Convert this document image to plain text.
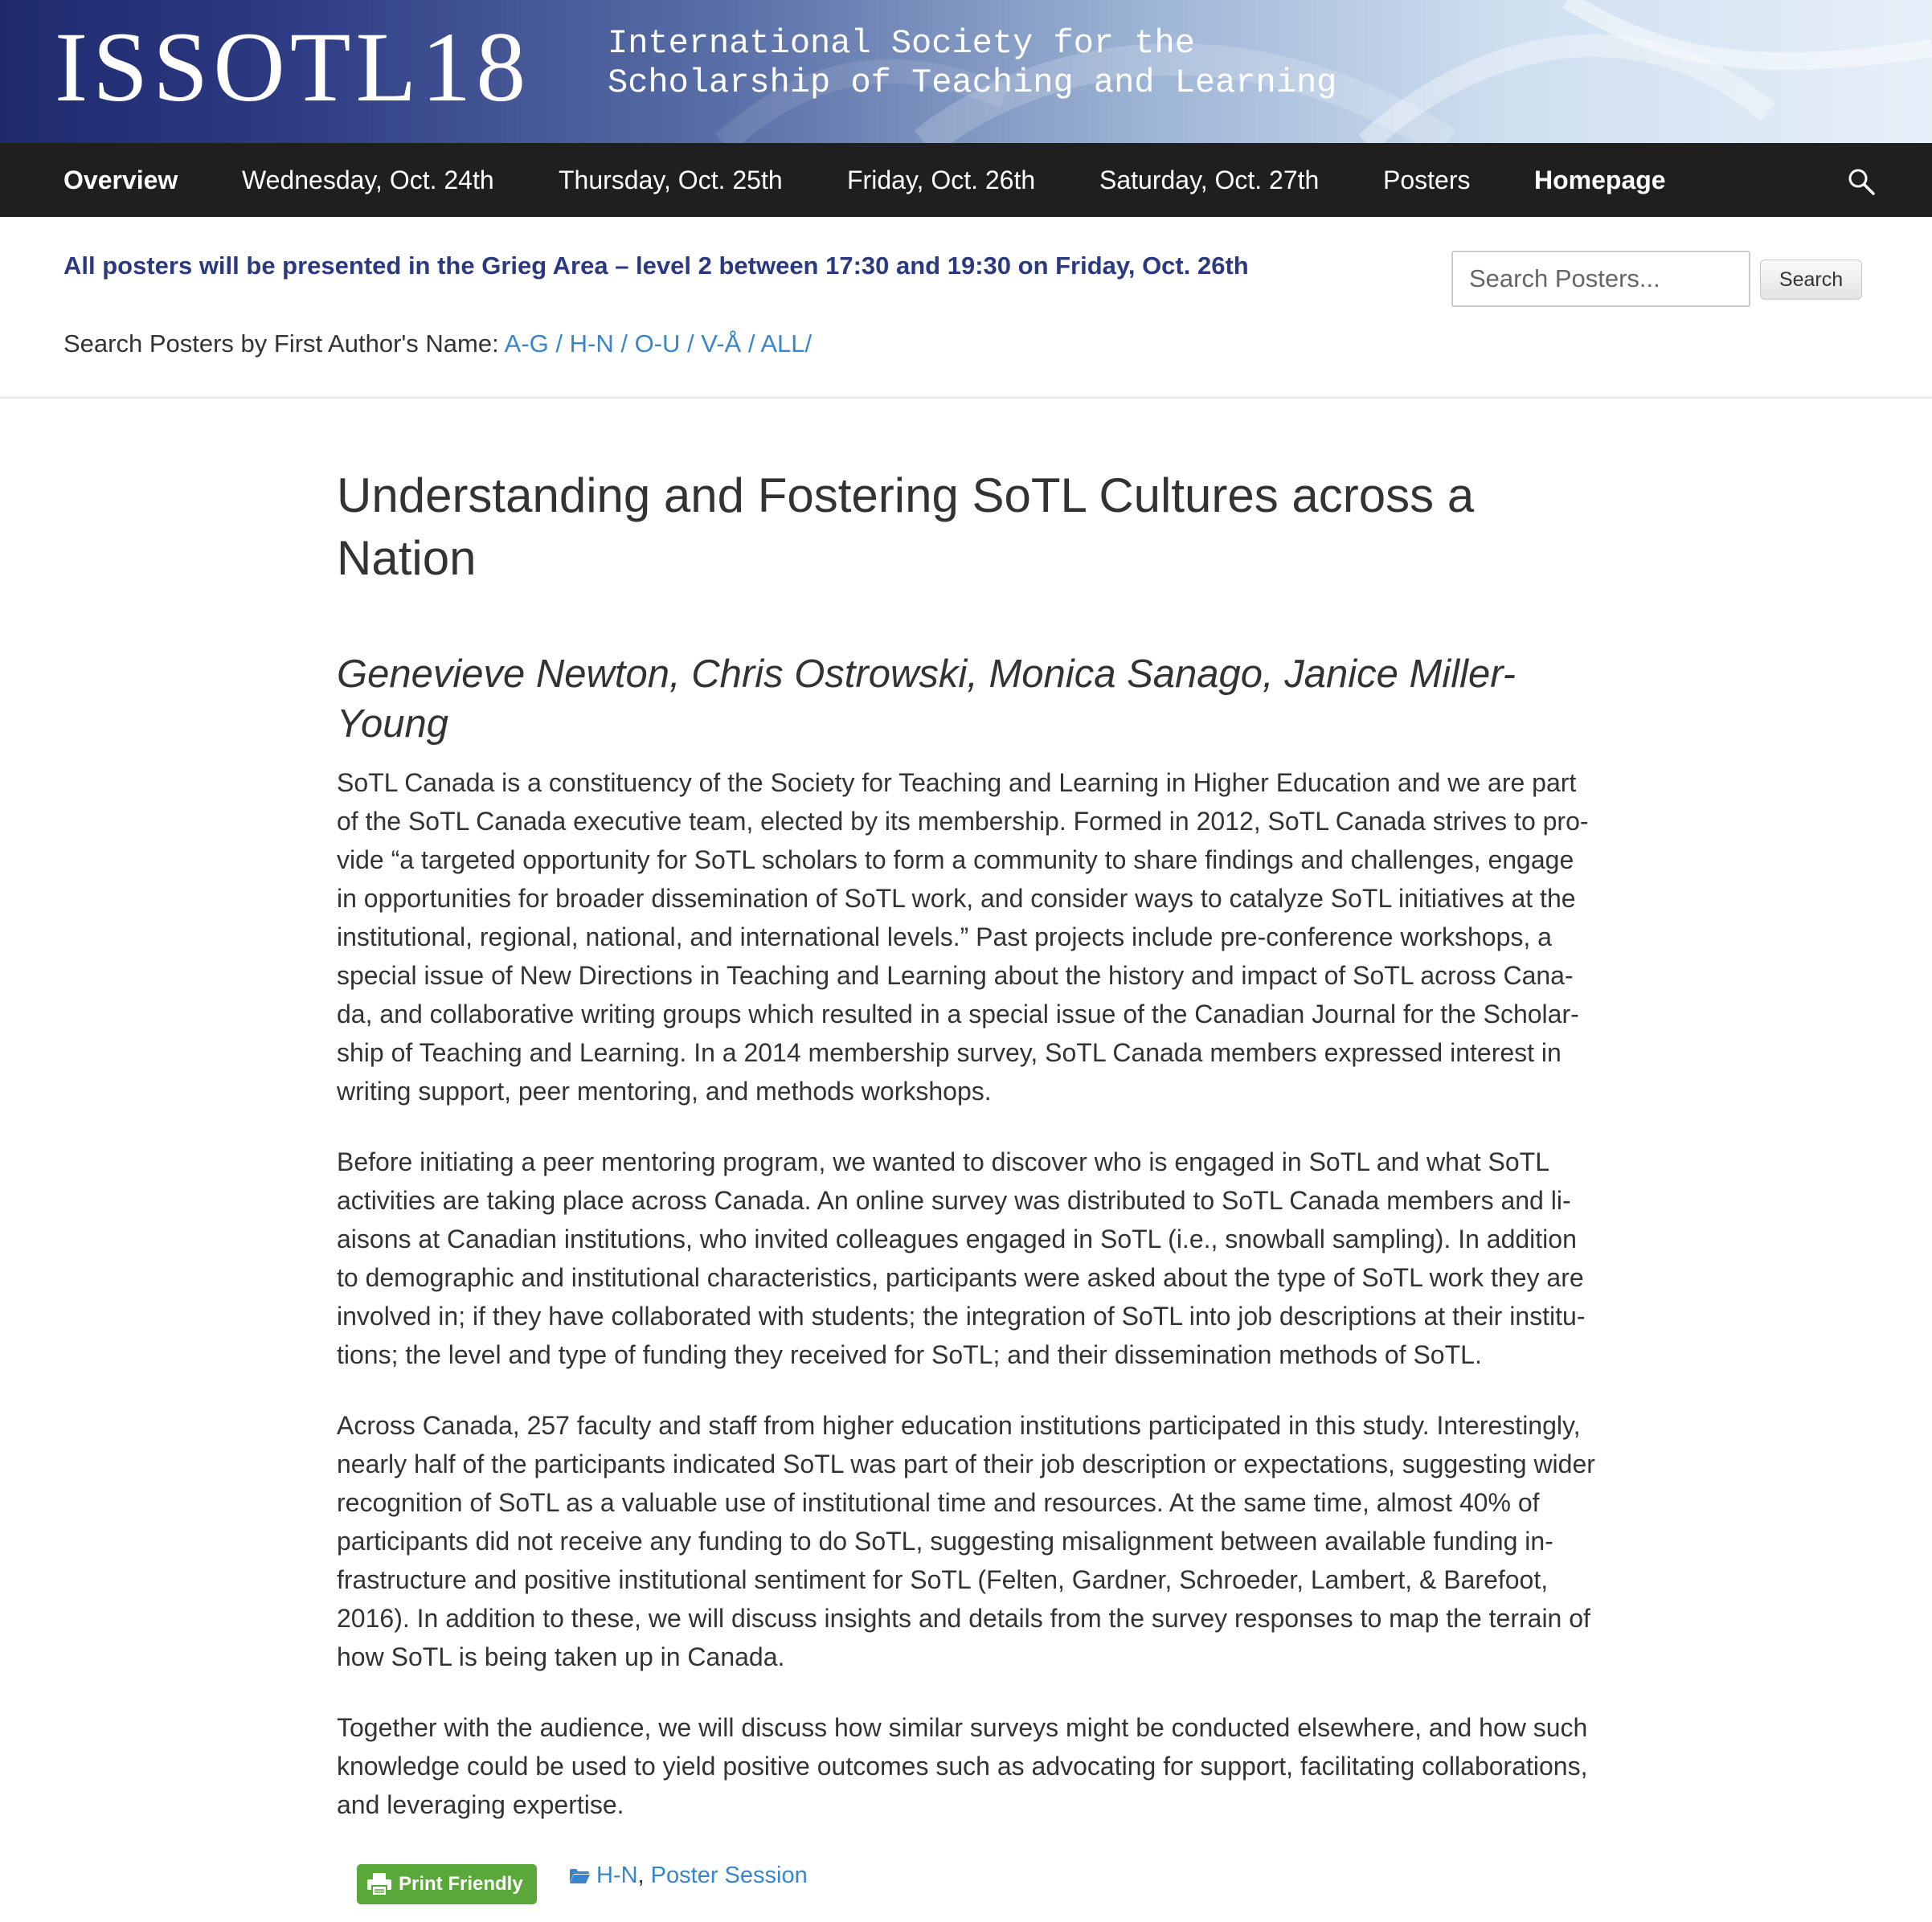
ISSOTL18 International Society for the
Scholarship of Teaching and Learning
Overview Wednesday, Oct. 24th	Thursday, Oct. 25th	Friday, Oct. 26th Saturday, Oct. 27th Posters Homepage
All posters will be presented in the Grieg Area – level 2 between 17:30 and 19:30 on Friday, Oct. 26th
Search Posters...	Search
Search Posters by First Author's Name: A-G / H-N / O-U / V-Å / ALL/
Understanding and Fostering SoTL Cultures across a Nation
Genevieve Newton, Chris Ostrowski, Monica Sanago, Janice Miller-Young

SoTL Canada is a constituency of the Society for Teaching and Learning in Higher Education and we are part of the SoTL Canada executive team, elected by its membership. Formed in 2012, SoTL Canada strives to provide “a targeted opportunity for SoTL scholars to form a community to share findings and challenges, engage in opportunities for broader dissemination of SoTL work, and consider ways to catalyze SoTL initiatives at the institutional, regional, national, and international levels.” Past projects include pre-conference workshops, a special issue of New Directions in Teaching and Learning about the history and impact of SoTL across Canada, and collaborative writing groups which resulted in a special issue of the Canadian Journal for the Scholarship of Teaching and Learning. In a 2014 membership survey, SoTL Canada members expressed interest in writing support, peer mentoring, and methods workshops.

Before initiating a peer mentoring program, we wanted to discover who is engaged in SoTL and what SoTL activities are taking place across Canada. An online survey was distributed to SoTL Canada members and liaisons at Canadian institutions, who invited colleagues engaged in SoTL (i.e., snowball sampling). In addition to demographic and institutional characteristics, participants were asked about the type of SoTL work they are involved in; if they have collaborated with students; the integration of SoTL into job descriptions at their institutions; the level and type of funding they received for SoTL; and their dissemination methods of SoTL.

Across Canada, 257 faculty and staff from higher education institutions participated in this study. Interestingly, nearly half of the participants indicated SoTL was part of their job description or expectations, suggesting wider recognition of SoTL as a valuable use of institutional time and resources. At the same time, almost 40% of participants did not receive any funding to do SoTL, suggesting misalignment between available funding infrastructure and positive institutional sentiment for SoTL (Felten, Gardner, Schroeder, Lambert, & Barefoot, 2016). In addition to these, we will discuss insights and details from the survey responses to map the terrain of how SoTL is being taken up in Canada.

Together with the audience, we will discuss how similar surveys might be conducted elsewhere, and how such knowledge could be used to yield positive outcomes such as advocating for support, facilitating collaborations, and leveraging expertise.

Print Friendly	H-N, Poster Session
